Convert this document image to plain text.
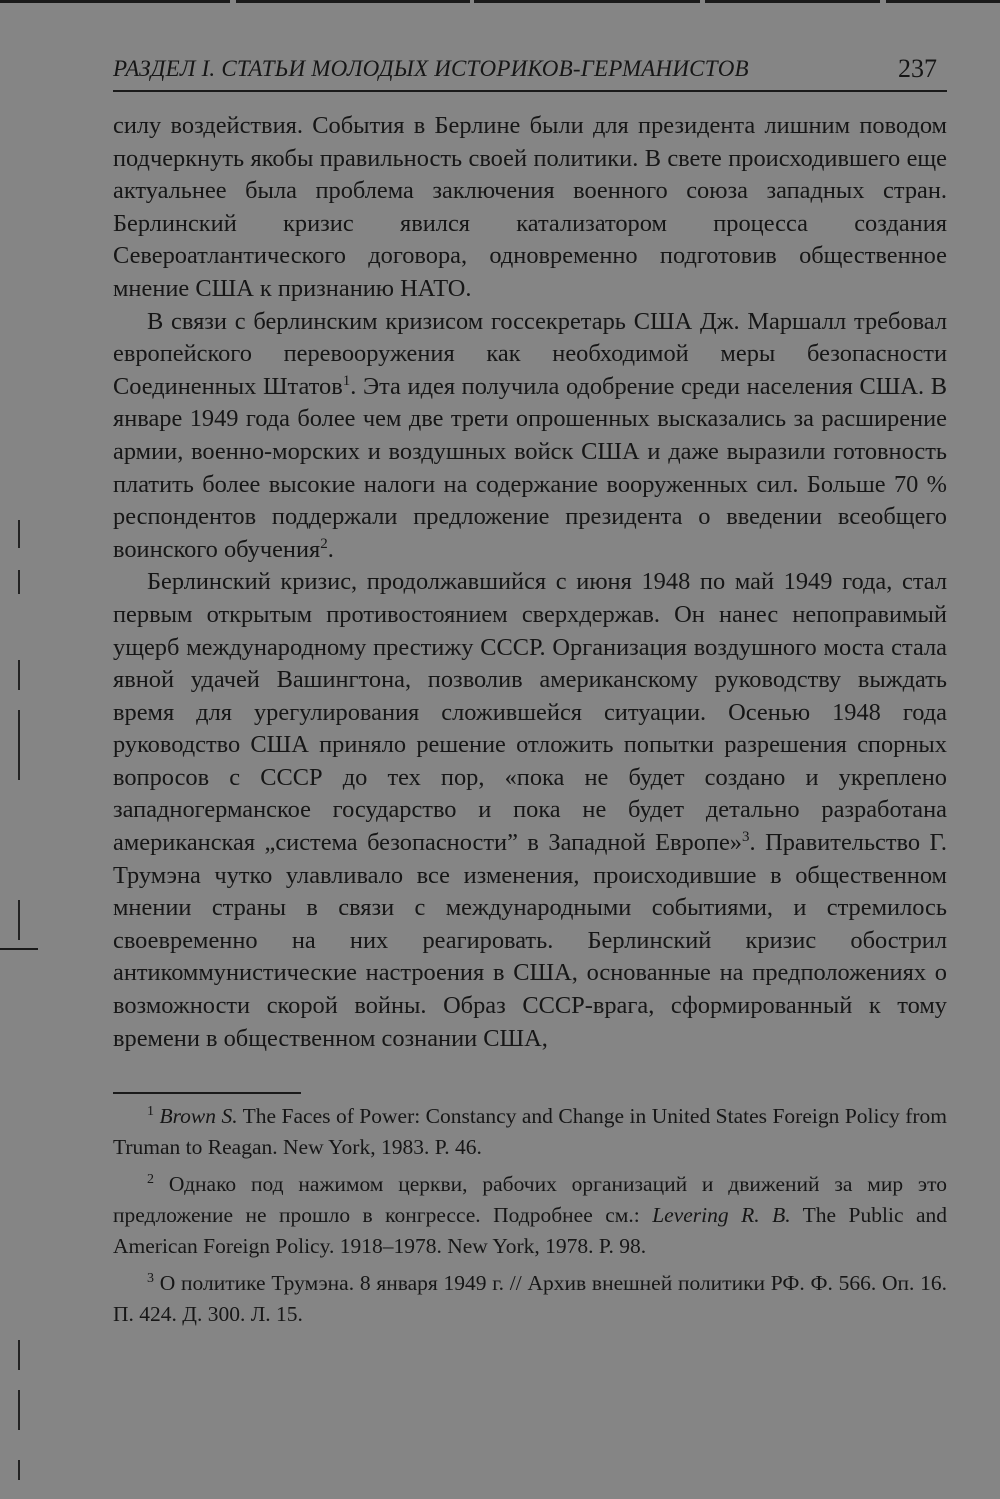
РАЗДЕЛ I. СТАТЬИ МОЛОДЫХ ИСТОРИКОВ-ГЕРМАНИСТОВ	237

силу воздействия. События в Берлине были для президента лишним поводом подчеркнуть якобы правильность своей политики. В свете происходившего еще актуальнее была проблема заключения военного союза западных стран. Берлинский кризис явился катализатором процесса создания Североатлантического договора, одновременно подготовив общественное мнение США к признанию НАТО.

В связи с берлинским кризисом госсекретарь США Дж. Маршалл требовал европейского перевооружения как необходимой меры безопасности Соединенных Штатов$^1$. Эта идея получила одобрение среди населения США. В январе 1949 года более чем две трети опрошенных высказались за расширение армии, военно-морских и воздушных войск США и даже выразили готовность платить более высокие налоги на содержание вооруженных сил. Больше 70 % респондентов поддержали предложение президента о введении всеобщего воинского обучения$^2$.

Берлинский кризис, продолжавшийся с июня 1948 по май 1949 года, стал первым открытым противостоянием сверхдержав. Он нанес непоправимый ущерб международному престижу СССР. Организация воздушного моста стала явной удачей Вашингтона, позволив американскому руководству выждать время для урегулирования сложившейся ситуации. Осенью 1948 года руководство США приняло решение отложить попытки разрешения спорных вопросов с СССР до тех пор, «пока не будет создано и укреплено западногерманское государство и пока не будет детально разработана американская „система безопасности” в Западной Европе»$^3$. Правительство Г. Трумэна чутко улавливало все изменения, происходившие в общественном мнении страны в связи с международными событиями, и стремилось своевременно на них реагировать. Берлинский кризис обострил антикоммунистические настроения в США, основанные на предположениях о возможности скорой войны. Образ СССР-врага, сформированный к тому времени в общественном сознании США,

$^1$ Brown S. The Faces of Power: Constancy and Change in United States Foreign Policy from Truman to Reagan. New York, 1983. P. 46.

$^2$ Однако под нажимом церкви, рабочих организаций и движений за мир это предложение не прошло в конгрессе. Подробнее см.: Levering R. B. The Public and American Foreign Policy. 1918–1978. New York, 1978. P. 98.

$^3$ О политике Трумэна. 8 января 1949 г. // Архив внешней политики РФ. Ф. 566. Оп. 16. П. 424. Д. 300. Л. 15.
